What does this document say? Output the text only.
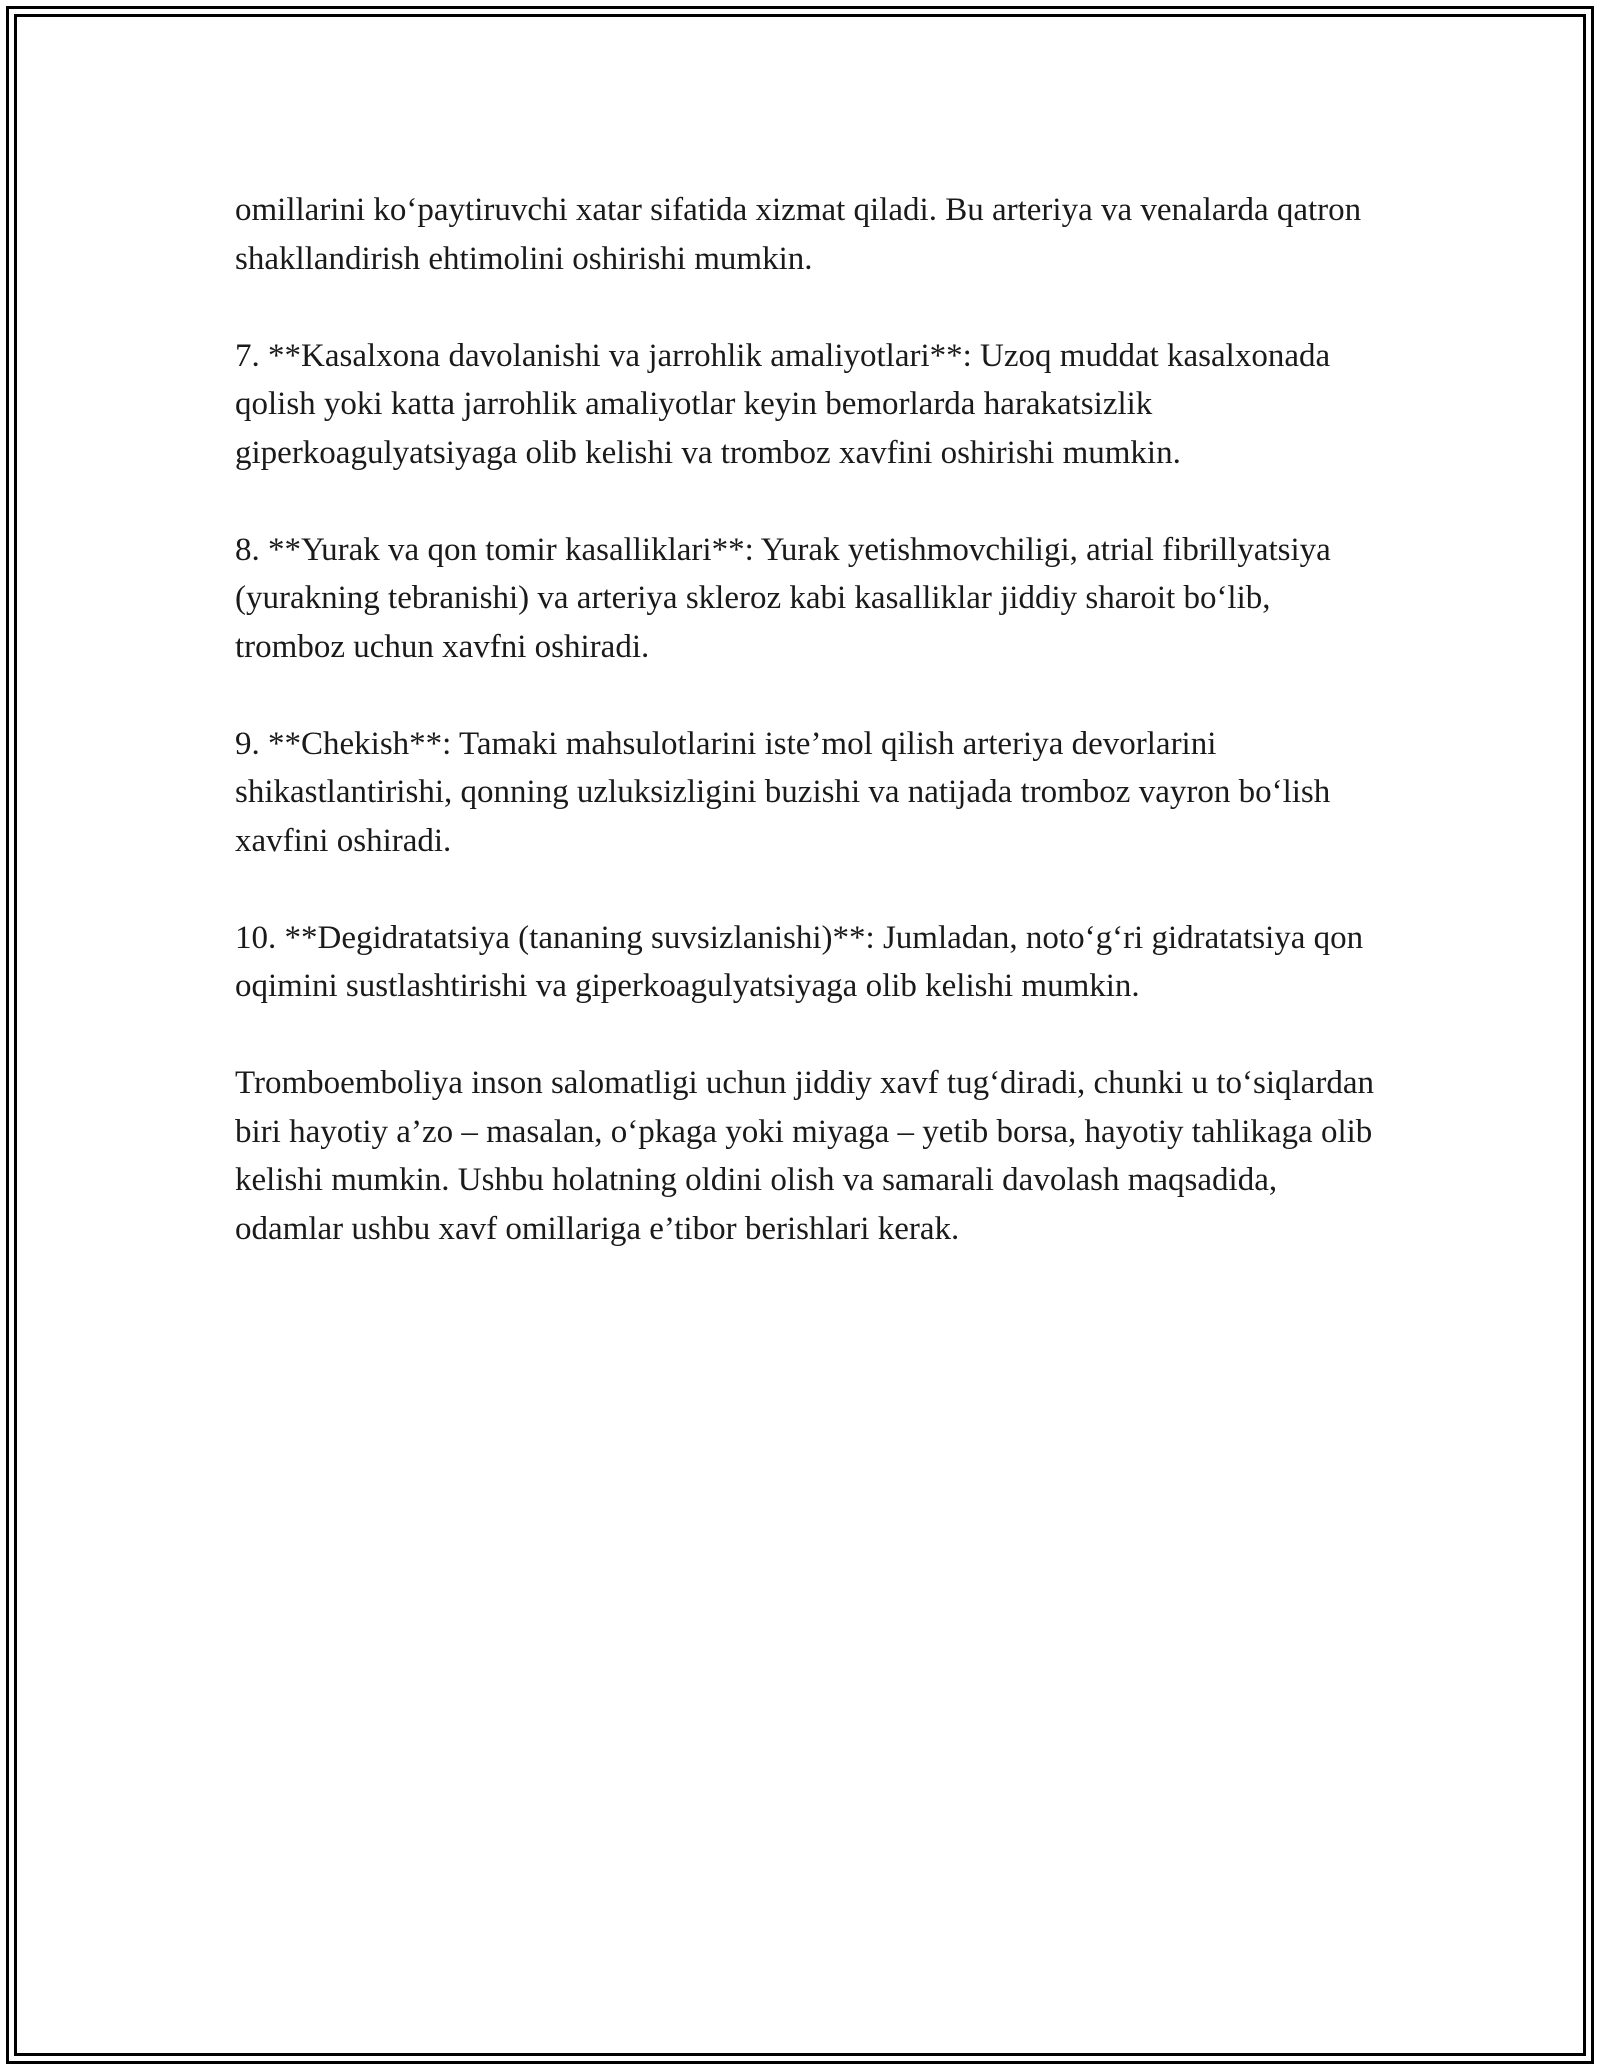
omillarini ko‘paytiruvchi xatar sifatida xizmat qiladi. Bu arteriya va venalarda qatron shakllandirish ehtimolini oshirishi mumkin.

7. **Kasalxona davolanishi va jarrohlik amaliyotlari**: Uzoq muddat kasalxonada qolish yoki katta jarrohlik amaliyotlar keyin bemorlarda harakatsizlik giperkoagulyatsiyaga olib kelishi va tromboz xavfini oshirishi mumkin.

8. **Yurak va qon tomir kasalliklari**: Yurak yetishmovchiligi, atrial fibrillyatsiya (yurakning tebranishi) va arteriya skleroz kabi kasalliklar jiddiy sharoit bo‘lib, tromboz uchun xavfni oshiradi.

9. **Chekish**: Tamaki mahsulotlarini iste’mol qilish arteriya devorlarini shikastlantirishi, qonning uzluksizligini buzishi va natijada tromboz vayron bo‘lish xavfini oshiradi.

10. **Degidratatsiya (tananing suvsizlanishi)**: Jumladan, noto‘g‘ri gidratatsiya qon oqimini sustlashtirishi va giperkoagulyatsiyaga olib kelishi mumkin.

Tromboemboliya inson salomatligi uchun jiddiy xavf tug‘diradi, chunki u to‘siqlardan biri hayotiy a’zo – masalan, o‘pkaga yoki miyaga – yetib borsa, hayotiy tahlikaga olib kelishi mumkin. Ushbu holatning oldini olish va samarali davolash maqsadida, odamlar ushbu xavf omillariga e’tibor berishlari kerak.
